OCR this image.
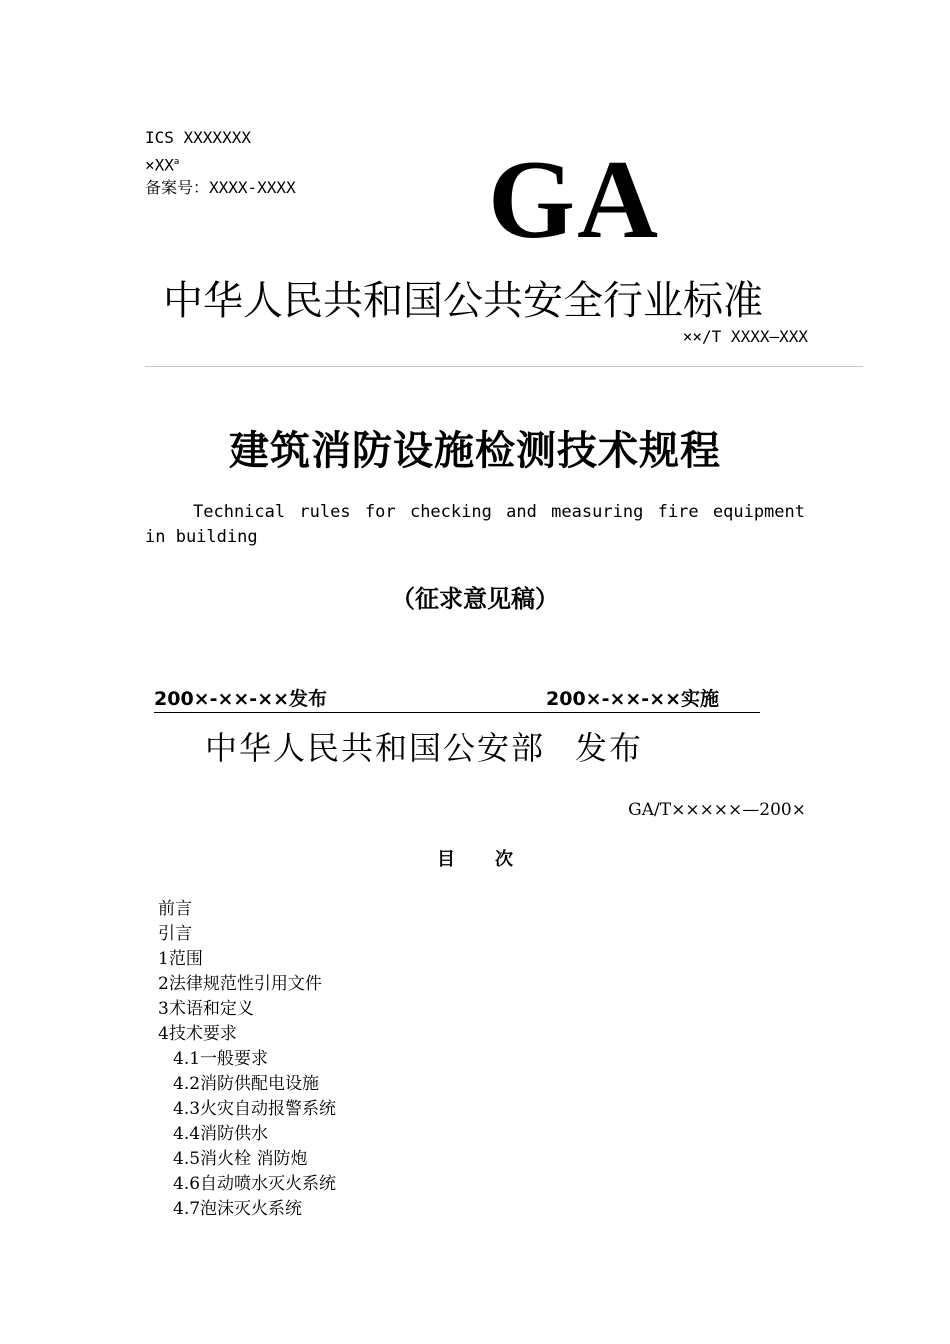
ICS XXXXXXX
$\times XX^a$
备案号：XXXX-XXXX GA
中华人民共和国公共安全行业标准
××/T XXXX—XXX
建筑消防设施检测技术规程
Technical rules for checking and measuring fire equipment in building
（征求意见稿）
200×-××-××发布	200×-××-××实施
中华人民共和国公安部 发布
GA/T×××××—200×
目次
前言
引言
1范围
2法律规范性引用文件
3术语和定义
4技术要求
4.1一般要求
4.2消防供配电设施
4.3火灾自动报警系统
4.4消防供水
4.5消火栓 消防炮
4.6自动喷水灭火系统
4.7泡沫灭火系统
